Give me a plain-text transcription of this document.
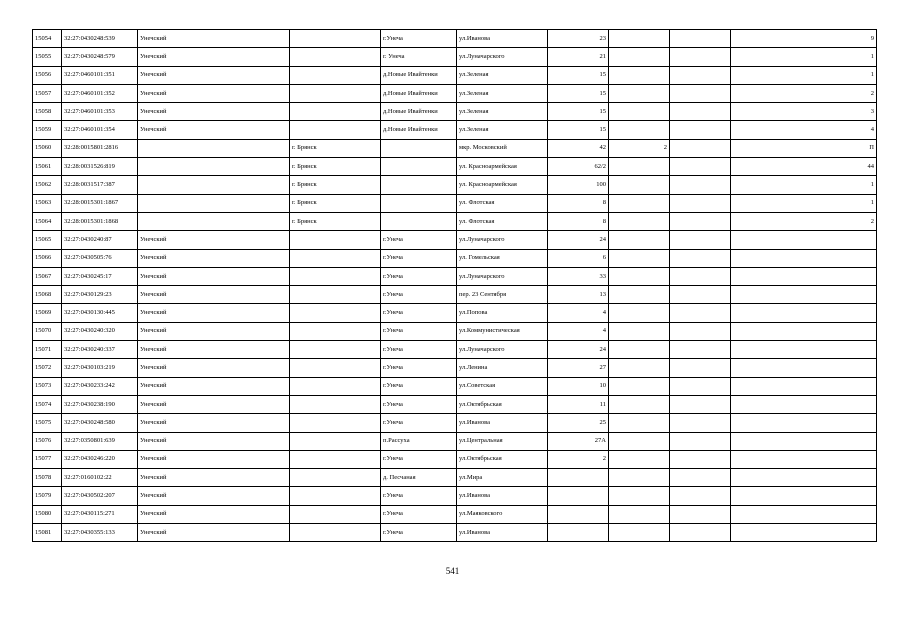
15054	32:27:0430248:539	Унечский		г.Унеча	ул.Иванова	23			9
15055	32:27:0430248:579	Унечский		г. Унеча	ул.Луначарского	21			1
15056	32:27:0460101:351	Унечский		д.Новые Ивайтенки	ул.Зеленая	15			1
15057	32:27:0460101:352	Унечский		д.Новые Ивайтенки	ул.Зеленая	15			2
15058	32:27:0460101:353	Унечский		д.Новые Ивайтенки	ул.Зеленая	15			3
15059	32:27:0460101:354	Унечский		д.Новые Ивайтенки	ул.Зеленая	15			4
15060	32:28:0015801:2816		г. Брянск		мкр. Московский	42	2		П
15061	32:28:0031526:819		г. Брянск		ул. Красноармейская	62/2			44
15062	32:28:0031517:387		г. Брянск		ул. Красноармейская	100			1
15063	32:28:0015301:1867		г. Брянск		ул. Флотская	8			1
15064	32:28:0015301:1868		г. Брянск		ул. Флотская	8			2
15065	32:27:0430240:87	Унечский		г.Унеча	ул.Луначарского	24			
15066	32:27:0430505:76	Унечский		г.Унеча	ул. Гомельская	6			
15067	32:27:0430245:17	Унечский		г.Унеча	ул.Луначарского	33			
15068	32:27:0430129:23	Унечский		г.Унеча	пер. 23 Сентября	13			
15069	32:27:0430130:445	Унечский		г.Унеча	ул.Попова	4			
15070	32:27:0430240:320	Унечский		г.Унеча	ул.Коммунистическая	4			
15071	32:27:0430240:337	Унечский		г.Унеча	ул.Луначарского	24			
15072	32:27:0430103:219	Унечский		г.Унеча	ул.Ленина	27			
15073	32:27:0430233:242	Унечский		г.Унеча	ул.Советская	10			
15074	32:27:0430238:190	Унечский		г.Унеча	ул.Октябрьская	11			
15075	32:27:0430248:580	Унечский		г.Унеча	ул.Иванова	25			
15076	32:27:0350801:639	Унечский		п.Рассуха	ул.Центральная	27А			
15077	32:27:0430246:220	Унечский		г.Унеча	ул.Октябрьская	2			
15078	32:27:0160102:22	Унечский		д. Песчаная	ул.Мира				
15079	32:27:0430502:207	Унечский		г.Унеча	ул.Иванова				
15080	32:27:0430115:271	Унечский		г.Унеча	ул.Маяковского				
15081	32:27:0430355:133	Унечский		г.Унеча	ул.Иванова				
541
